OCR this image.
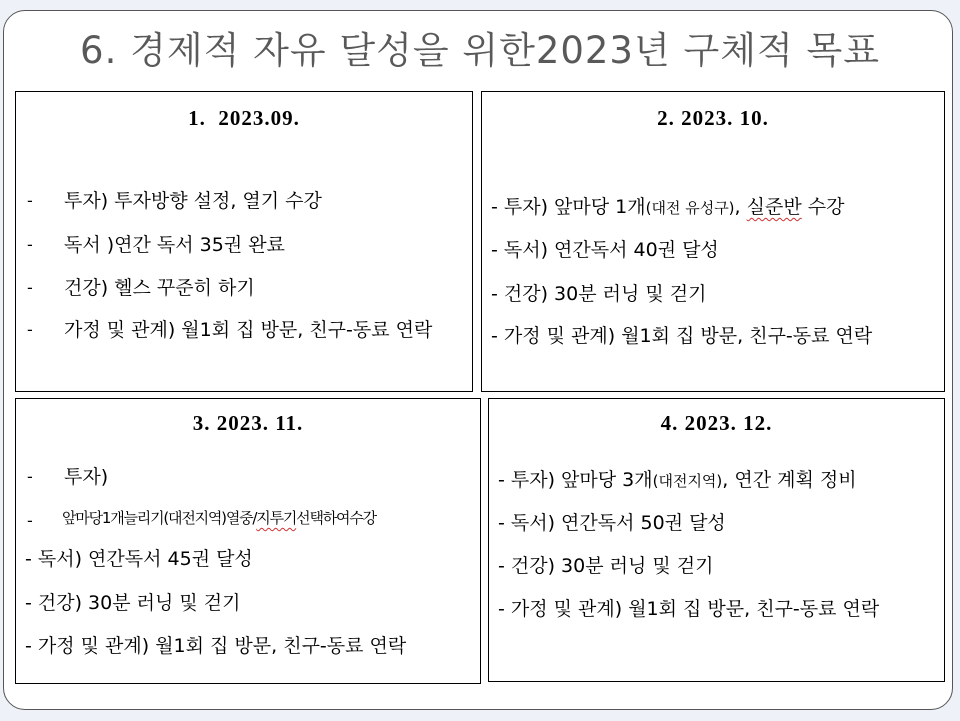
6. 경제적 자유 달성을 위한2023년 구체적 목표
1.  2023.09.
- 투자) 투자방향 설정, 열기 수강
- 독서 )연간 독서 35권 완료
- 건강) 헬스 꾸준히 하기
- 가정 및 관계) 월1회 집 방문, 친구-동료 연락
2. 2023. 10.
- 투자) 앞마당 1개(대전 유성구), 실준반 수강
- 독서) 연간독서 40권 달성
- 건강) 30분 러닝 및 걷기
- 가정 및 관계) 월1회 집 방문, 친구-동료 연락
3. 2023. 11.
- 투자)
- 앞마당1개늘리기(대전지역)열중/지투기선택하여수강
- 독서) 연간독서 45권 달성
- 건강) 30분 러닝 및 걷기
- 가정 및 관계) 월1회 집 방문, 친구-동료 연락
4. 2023. 12.
- 투자) 앞마당 3개(대전지역), 연간 계획 정비
- 독서) 연간독서 50권 달성
- 건강) 30분 러닝 및 걷기
- 가정 및 관계) 월1회 집 방문, 친구-동료 연락
